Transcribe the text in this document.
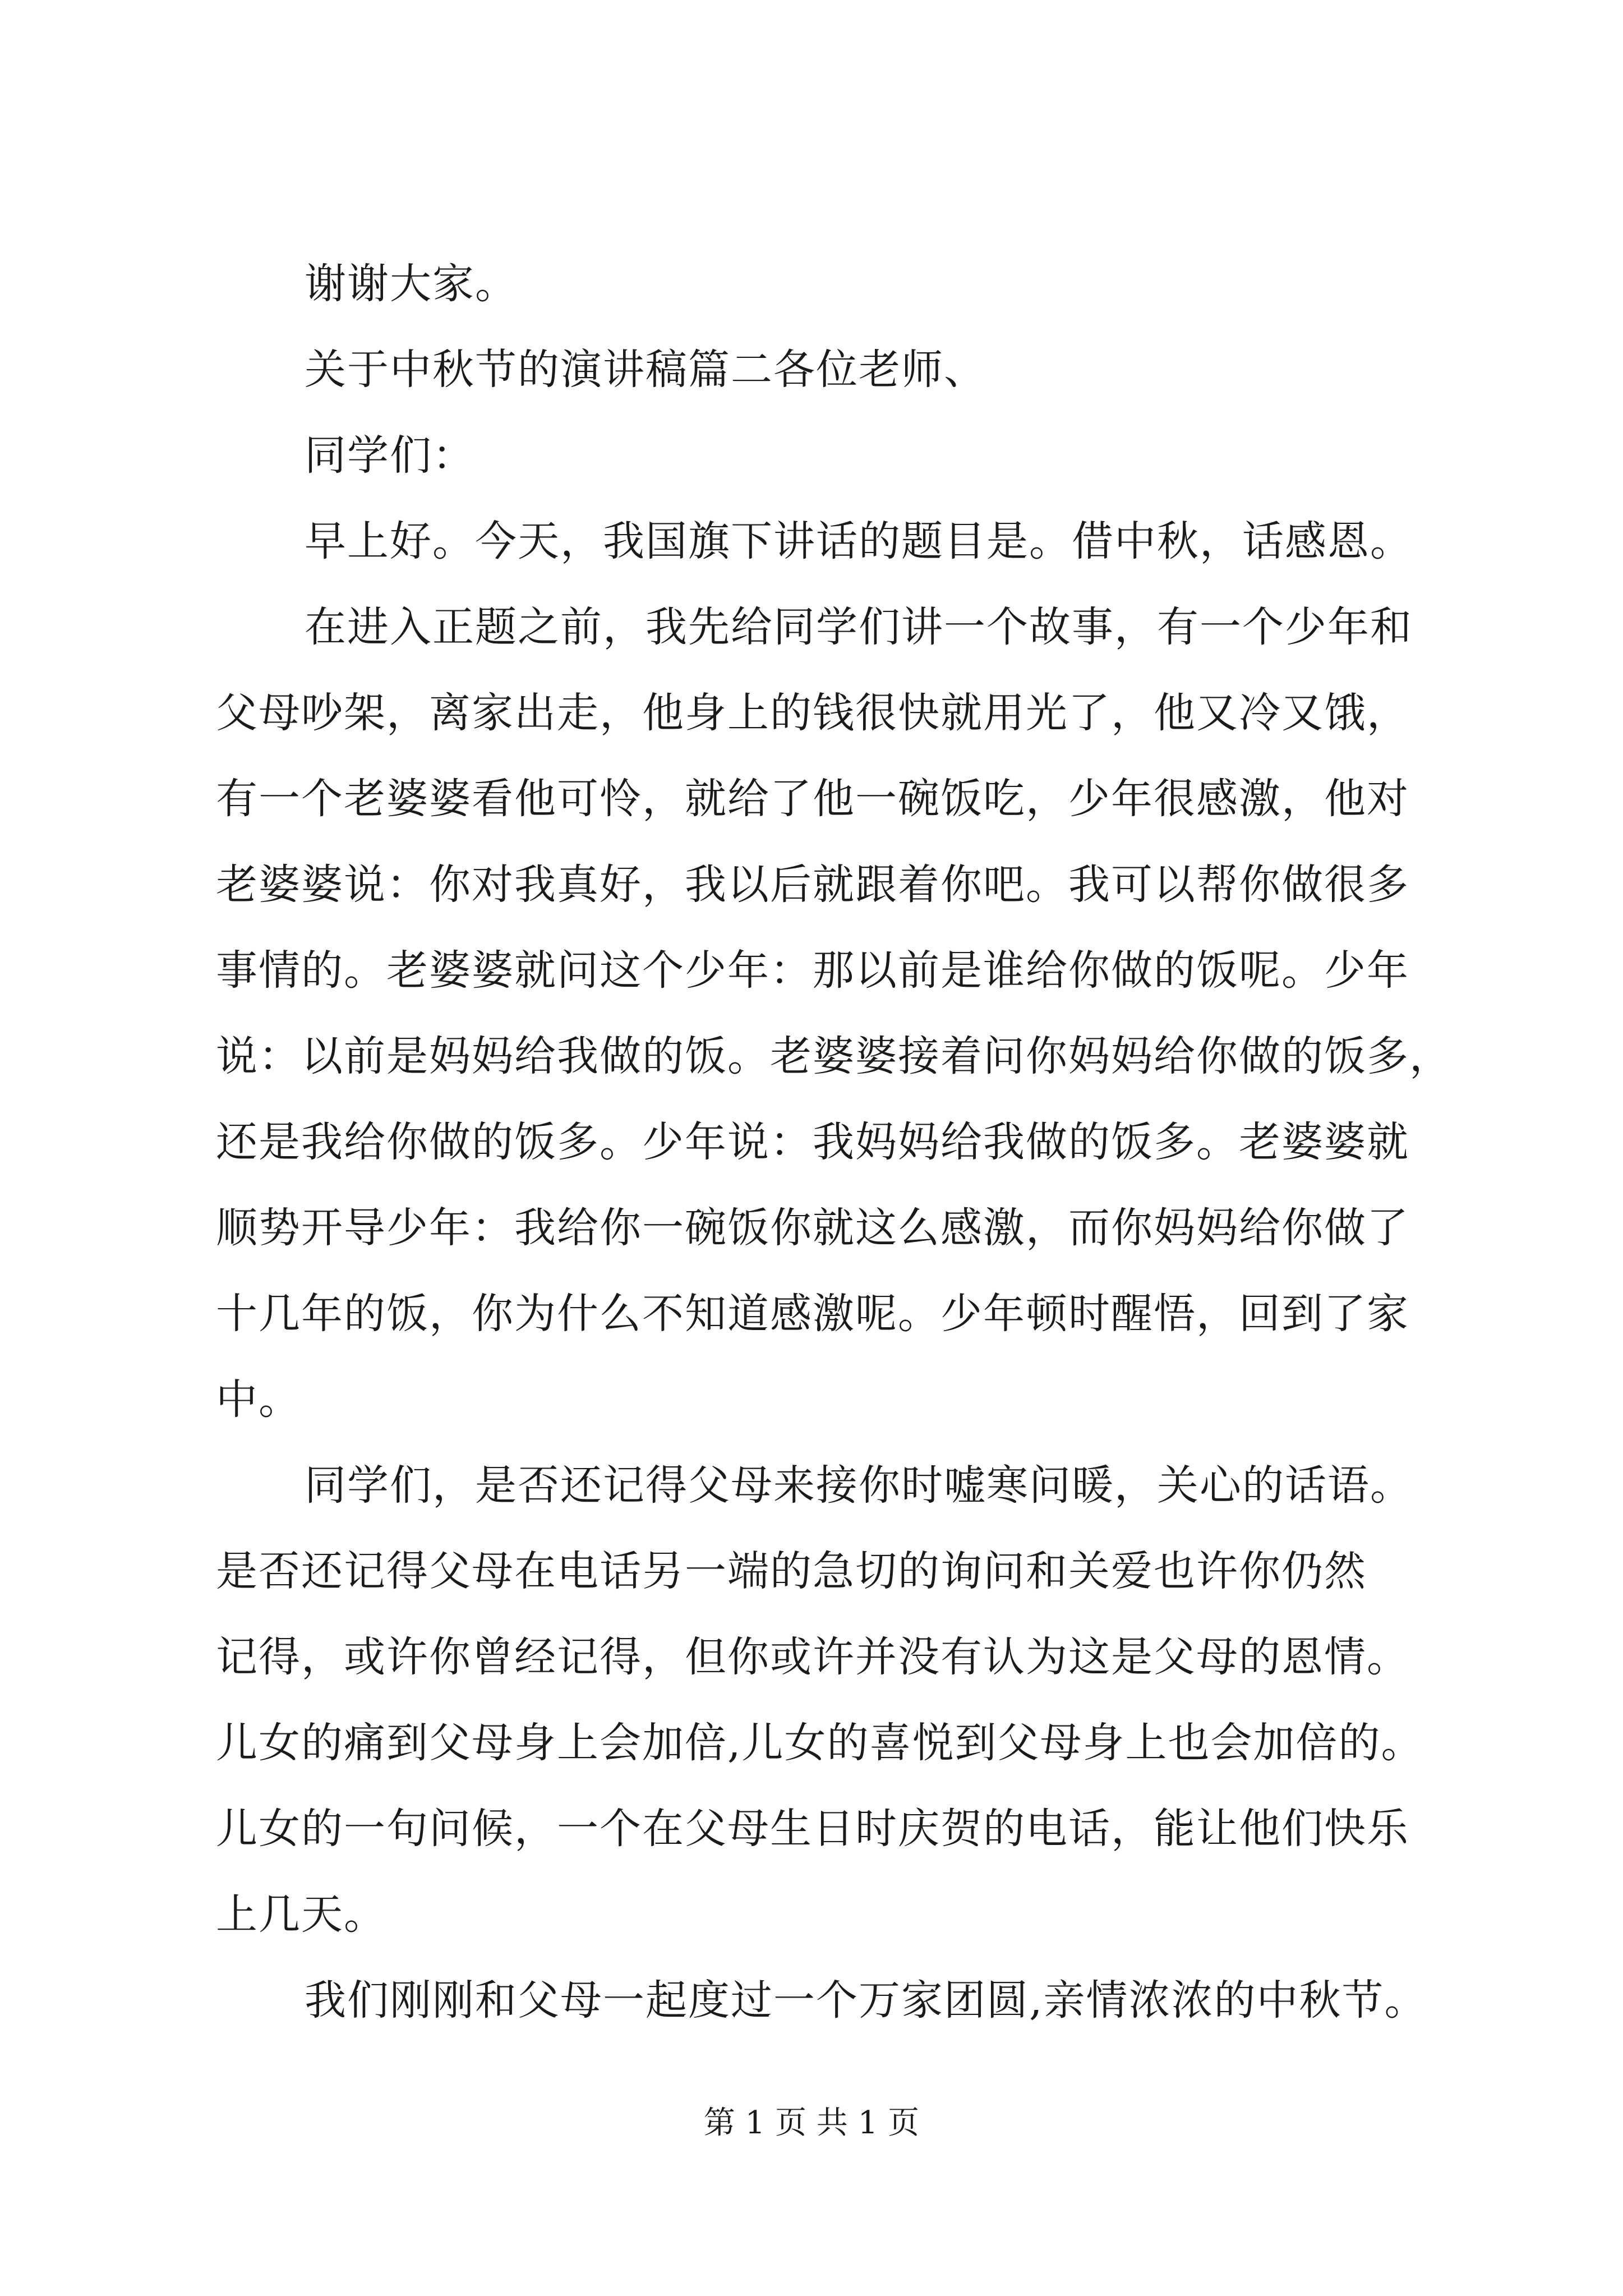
谢谢大家。
关于中秋节的演讲稿篇二各位老师、
同学们：
早上好。今天，我国旗下讲话的题目是。借中秋，话感恩。
在进入正题之前，我先给同学们讲一个故事，有一个少年和
父母吵架，离家出走，他身上的钱很快就用光了，他又冷又饿，
有一个老婆婆看他可怜，就给了他一碗饭吃，少年很感激，他对
老婆婆说：你对我真好，我以后就跟着你吧。我可以帮你做很多
事情的。老婆婆就问这个少年：那以前是谁给你做的饭呢。少年
说：以前是妈妈给我做的饭。老婆婆接着问你妈妈给你做的饭多，
还是我给你做的饭多。少年说：我妈妈给我做的饭多。老婆婆就
顺势开导少年：我给你一碗饭你就这么感激，而你妈妈给你做了
十几年的饭，你为什么不知道感激呢。少年顿时醒悟，回到了家
中。
同学们，是否还记得父母来接你时嘘寒问暖，关心的话语。
是否还记得父母在电话另一端的急切的询问和关爱也许你仍然
记得，或许你曾经记得，但你或许并没有认为这是父母的恩情。
儿女的痛到父母身上会加倍,儿女的喜悦到父母身上也会加倍的。
儿女的一句问候，一个在父母生日时庆贺的电话，能让他们快乐
上几天。
我们刚刚和父母一起度过一个万家团圆,亲情浓浓的中秋节。
第 1 页 共 1 页
